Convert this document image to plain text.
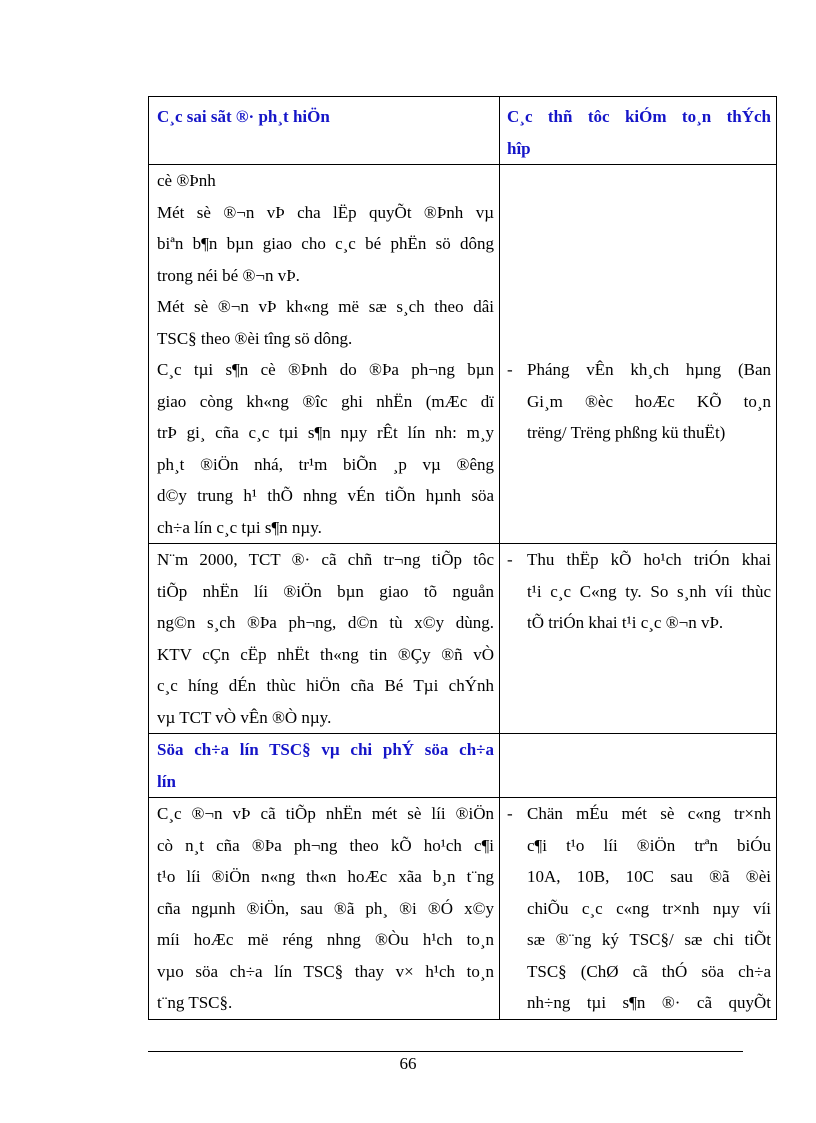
C¸c sai sãt ®· ph¸t hiÖn	C¸c thñ tôc kiÓm to¸n thÝch
hîp
cè ®Þnh
Mét sè ®¬n vÞ cha lËp quyÕt ®Þnh vµ
biªn b¶n bµn giao cho c¸c bé phËn sö dông
trong néi bé ®¬n vÞ.
Mét sè ®¬n vÞ kh«ng më sæ s¸ch theo dâi
TSC§ theo ®èi tîng sö dông.
C¸c tµi s¶n cè ®Þnh do ®Þa ph¬ng bµn
giao còng kh«ng ®îc ghi nhËn (mÆc dï
trÞ gi¸ cña c¸c tµi s¶n nµy rÊt lín nh: m¸y
ph¸t ®iÖn nhá, tr¹m biÕn ¸p vµ ®êng
d©y trung h¹ thÕ nhng vÉn tiÕn hµnh söa
ch÷a lín c¸c tµi s¶n nµy.
- Pháng vÊn kh¸ch hµng (Ban
Gi¸m ®èc hoÆc KÕ to¸n
trëng/ Trëng phßng kü thuËt)
N¨m 2000, TCT ®· cã chñ tr¬ng tiÕp tôc
tiÕp nhËn líi ®iÖn bµn giao tõ nguån
ng©n s¸ch ®Þa ph¬ng, d©n tù x©y dùng.
KTV cÇn cËp nhËt th«ng tin ®Çy ®ñ vÒ
c¸c híng dÉn thùc hiÖn cña Bé Tµi chÝnh
vµ TCT vÒ vÊn ®Ò nµy.
- Thu thËp kÕ ho¹ch triÓn khai
t¹i c¸c C«ng ty. So s¸nh víi thùc
tÕ triÓn khai t¹i c¸c ®¬n vÞ.
Söa ch÷a lín TSC§ vµ chi phÝ söa ch÷a
lín
C¸c ®¬n vÞ cã tiÕp nhËn mét sè líi ®iÖn
cò n¸t cña ®Þa ph¬ng theo kÕ ho¹ch c¶i
t¹o líi ®iÖn n«ng th«n hoÆc xãa b¸n t¨ng
cña ngµnh ®iÖn, sau ®ã ph¸ ®i ®Ó x©y
míi hoÆc më réng nhng ®Òu h¹ch to¸n
vµo söa ch÷a lín TSC§ thay v× h¹ch to¸n
t¨ng TSC§.
- Chän mÉu mét sè c«ng tr×nh
c¶i t¹o líi ®iÖn trªn biÓu
10A, 10B, 10C sau ®ã ®èi
chiÕu c¸c c«ng tr×nh nµy víi
sæ ®¨ng ký TSC§/ sæ chi tiÕt
TSC§ (ChØ cã thÓ söa ch÷a
nh÷ng tµi s¶n ®· cã quyÕt
66
